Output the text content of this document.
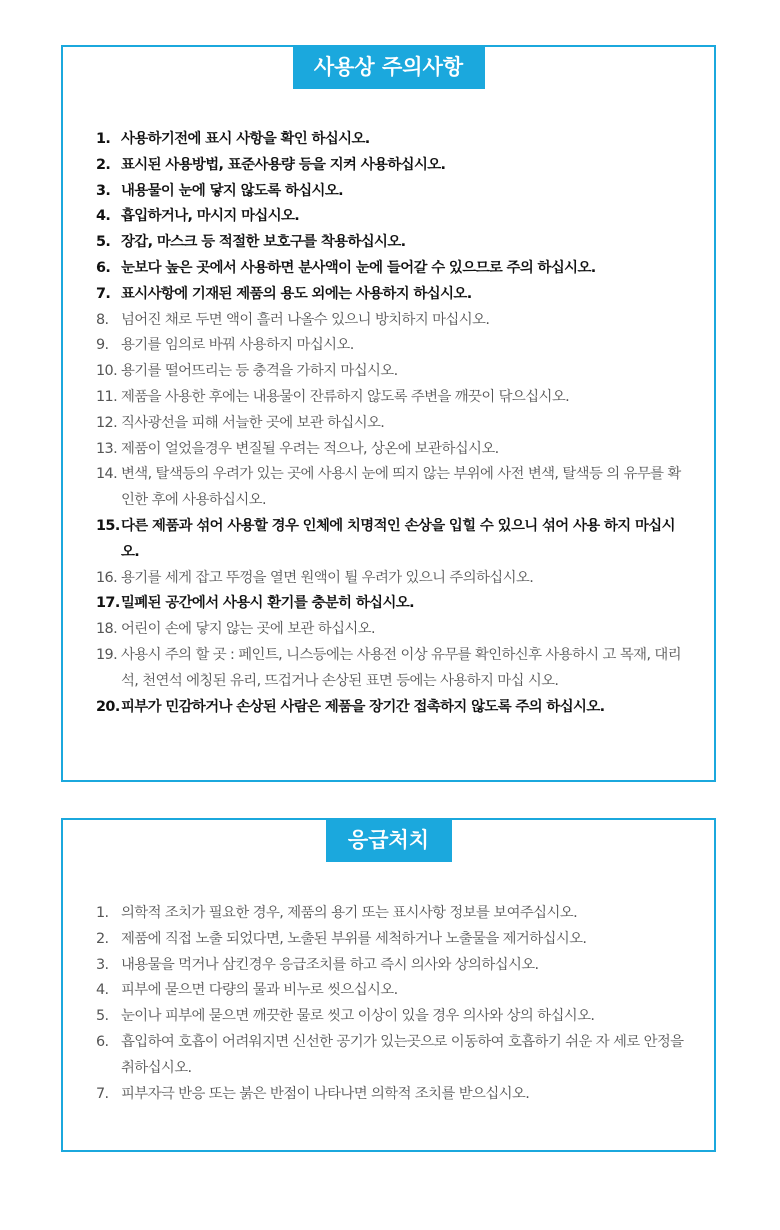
사용상 주의사항
1. 사용하기전에 표시 사항을 확인 하십시오.
2. 표시된 사용방법, 표준사용량 등을 지켜 사용하십시오.
3. 내용물이 눈에 닿지 않도록 하십시오.
4. 흡입하거나, 마시지 마십시오.
5. 장갑, 마스크 등 적절한 보호구를 착용하십시오.
6. 눈보다 높은 곳에서 사용하면 분사액이 눈에 들어갈 수 있으므로 주의 하십시오.
7. 표시사항에 기재된 제품의 용도 외에는 사용하지 하십시오.
8. 넘어진 채로 두면 액이 흘러 나올수 있으니 방치하지 마십시오.
9. 용기를 임의로 바꿔 사용하지 마십시오.
10. 용기를 떨어뜨리는 등 충격을 가하지 마십시오.
11. 제품을 사용한 후에는 내용물이 잔류하지 않도록 주변을 깨끗이 닦으십시오.
12. 직사광선을 피해 서늘한 곳에 보관 하십시오.
13. 제품이 얼었을경우 변질될 우려는 적으나, 상온에 보관하십시오.
14. 변색, 탈색등의 우려가 있는 곳에 사용시 눈에 띄지 않는 부위에 사전 변색, 탈색등 의 유무를 확인한 후에 사용하십시오.
15. 다른 제품과 섞어 사용할 경우 인체에 치명적인 손상을 입힐 수 있으니 섞어 사용 하지 마십시오.
16. 용기를 세게 잡고 뚜껑을 열면 원액이 튈 우려가 있으니 주의하십시오.
17. 밀폐된 공간에서 사용시 환기를 충분히 하십시오.
18. 어린이 손에 닿지 않는 곳에 보관 하십시오.
19. 사용시 주의 할 곳 : 페인트, 니스등에는 사용전 이상 유무를 확인하신후 사용하시 고 목재, 대리석, 천연석 에칭된 유리, 뜨겁거나 손상된 표면 등에는 사용하지 마십 시오.
20. 피부가 민감하거나 손상된 사람은 제품을 장기간 접촉하지 않도록 주의 하십시오.
응급처치
1. 의학적 조치가 필요한 경우, 제품의 용기 또는 표시사항 정보를 보여주십시오.
2. 제품에 직접 노출 되었다면, 노출된 부위를 세척하거나 노출물을 제거하십시오.
3. 내용물을 먹거나 삼킨경우 응급조치를 하고 즉시 의사와 상의하십시오.
4. 피부에 묻으면 다량의 물과 비누로 씻으십시오.
5. 눈이나 피부에 묻으면 깨끗한 물로 씻고 이상이 있을 경우 의사와 상의 하십시오.
6. 흡입하여 호흡이 어려워지면 신선한 공기가 있는곳으로 이동하여 호흡하기 쉬운 자 세로 안정을 취하십시오.
7. 피부자극 반응 또는 붉은 반점이 나타나면 의학적 조치를 받으십시오.
